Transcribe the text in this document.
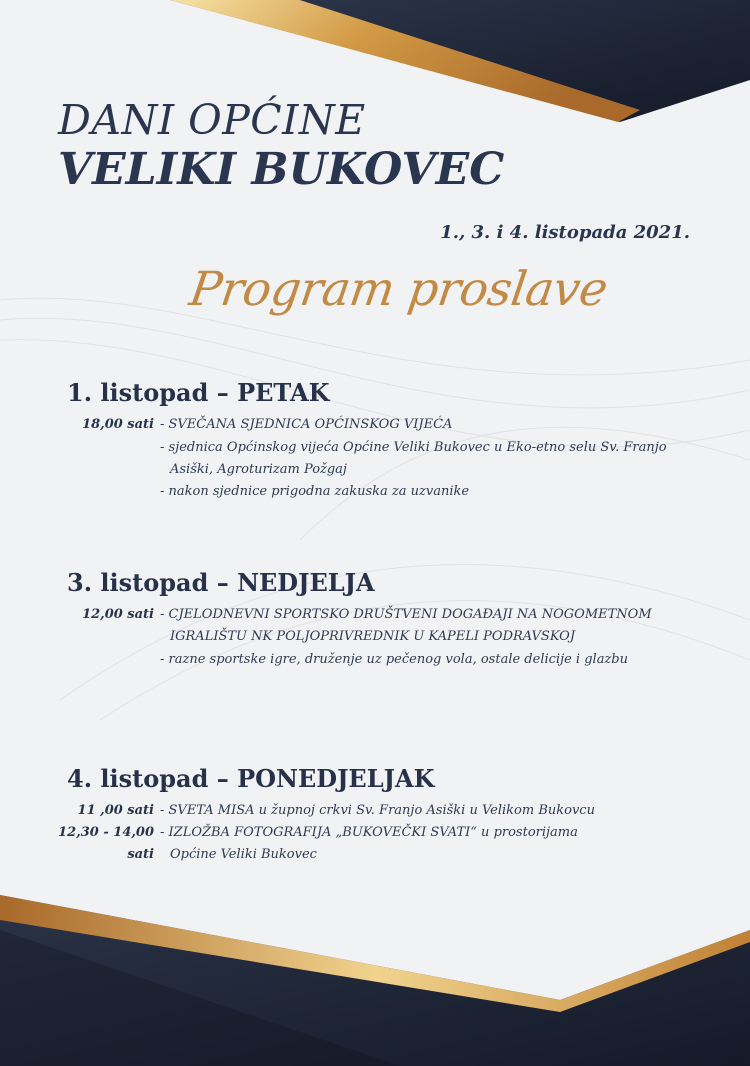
DANI OPĆINE
VELIKI BUKOVEC
1., 3. i 4. listopada 2021.
Program proslave
1. listopad – PETAK
18,00 sati - SVEČANA SJEDNICA OPĆINSKOG VIJEĆA
- sjednica Općinskog vijeća Općine Veliki Bukovec u Eko-etno selu Sv. Franjo
Asiški, Agroturizam Požgaj
- nakon sjednice prigodna zakuska za uzvanike
3. listopad – NEDJELJA
12,00 sati - CJELODNEVNI SPORTSKO DRUŠTVENI DOGAĐAJI NA NOGOMETNOM
IGRALIŠTU NK POLJOPRIVREDNIK U KAPELI PODRAVSKOJ
- razne sportske igre, druženje uz pečenog vola, ostale delicije i glazbu
4. listopad – PONEDJELJAK
11 ,00 sati - SVETA MISA u župnoj crkvi Sv. Franjo Asiški u Velikom Bukovcu
12,30 - 14,00 - IZLOŽBA FOTOGRAFIJA „BUKOVEČKI SVATI“ u prostorijama
sati Općine Veliki Bukovec
